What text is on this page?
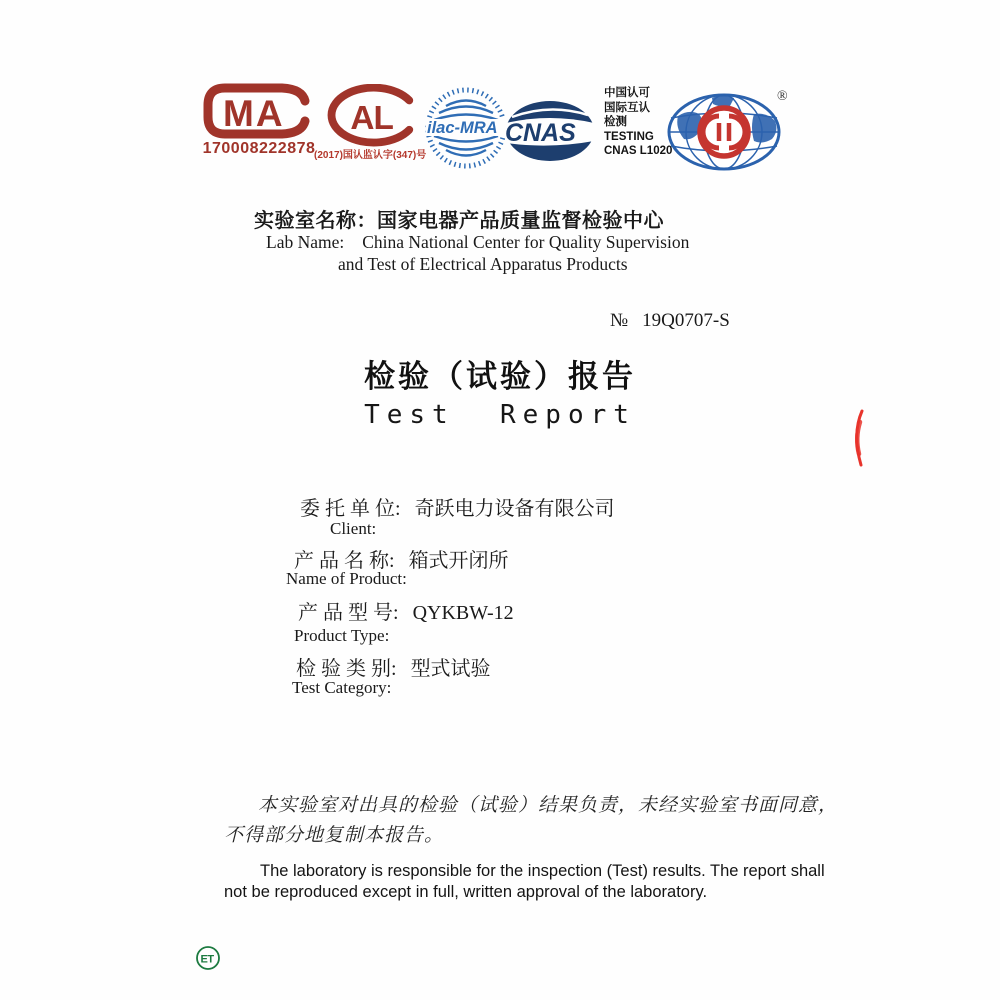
MA
170008222878
AL
(2017)国认监认字(347)号
ilac-MRA CNAS
中国认可
国际互认
检测
TESTING
CNAS L1020
®
实验室名称：国家电器产品质量监督检验中心
Lab Name: China National Center for Quality Supervision
and Test of Electrical Apparatus Products
№ 19Q0707-S
检验（试验）报告
Test  Report
委 托 单 位: 奇跃电力设备有限公司
Client:
产 品 名 称: 箱式开闭所
Name of Product:
产 品 型 号: QYKBW-12
Product Type:
检 验 类 别: 型式试验
Test Category:
本实验室对出具的检验（试验）结果负责，未经实验室书面同意，
不得部分地复制本报告。
The laboratory is responsible for the inspection (Test) results. The report shall
not be reproduced except in full, written approval of the laboratory.
ET
